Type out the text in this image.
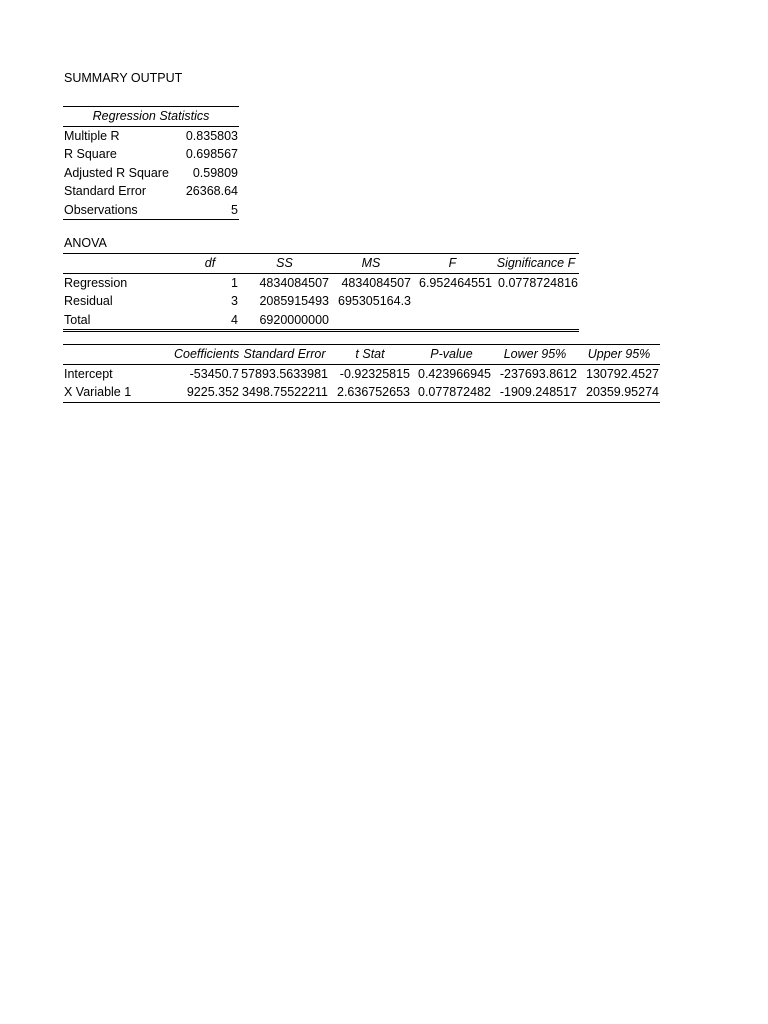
SUMMARY OUTPUT
Regression Statistics	
Multiple R	0.835803
R Square	0.698567
Adjusted R Square	0.59809
Standard Error	26368.64
Observations	5
ANOVA
	df	SS	MS	F	Significance F
Regression	1	4834084507	4834084507	6.952464551	0.0778724816
Residual	3	2085915493	695305164.3		
Total	4	6920000000			
	Coefficients	Standard Error	t Stat	P-value	Lower 95%	Upper 95%
Intercept	-53450.7	57893.5633981	-0.92325815	0.423966945	-237693.8612	130792.4527
X Variable 1	9225.352	3498.75522211	2.636752653	0.077872482	-1909.248517	20359.95274
